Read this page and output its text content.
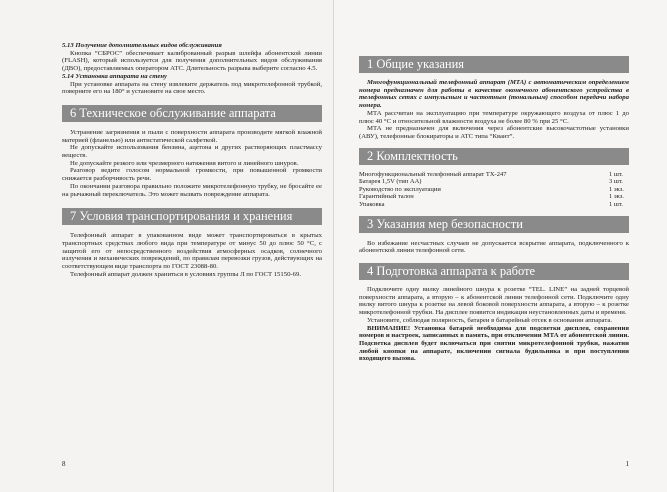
5.13 Получение дополнительных видов обслуживания

Кнопка “СБРОС” обеспечивает калиброванный разрыв шлейфа абонентской линии (FLASH), который используется для получения дополнительных видов обслуживания (ДВО), предоставляемых оператором АТС. Длительность разрыва выберите согласно 4.5.

5.14 Установка аппарата на стену

При установке аппарата на стену извлеките держатель под микротелефонной трубкой, поверните его на 180° и установите на свое место.

6 Техническое обслуживание аппарата

Устранение загрязнения и пыли с поверхности аппарата производите мягкой влажной материей (фланелью) или антистатической салфеткой.

Не допускайте использования бензина, ацетона и других растворяющих пластмассу веществ.

Не допускайте резкого или чрезмерного натяжения витого и линейного шнуров.

Разговор ведите голосом нормальной громкости, при повышенной громкости снижается разборчивость речи.

По окончании разговора правильно положите микротелефонную трубку, не бросайте ее на рычажный переключатель. Это может вызвать повреждение аппарата.

7 Условия транспортирования и хранения

Телефонный аппарат в упакованном виде может транспортироваться в крытых транспортных средствах любого вида при температуре от минус 50 до плюс 50 °С, с защитой его от непосредственного воздействия атмосферных осадков, солнечного излучения и механических повреждений, по правилам перевозки грузов, действующих на соответствующем виде транспорта по ГОСТ 23088-80.

Телефонный аппарат должен храниться в условиях группы Л по ГОСТ 15150-69.

8
1 Общие указания

Многофункциональный телефонный аппарат (МТА) с автоматическим определением номера предназначен для работы в качестве оконечного абонентского устройства в телефонных сетях с импульсным и частотным (тональным) способом передачи набора номера.

МТА рассчитан на эксплуатацию при температуре окружающего воздуха от плюс 1 до плюс 40 °С и относительной влажности воздуха не более 80 % при 25 °С.

МТА не предназначен для включения через абонентские высокочастотные установки (АВУ), телефонные блокираторы и АТС типа “Квант”.

2 Комплектность
Многофункциональный телефонный аппарат ТХ-247	1 шт.
Батарея 1,5V (тип АА)	3 шт.
Руководство по эксплуатации	1 экз.
Гарантийный талон	1 экз.
Упаковка	1 шт.
3 Указания мер безопасности

Во избежание несчастных случаев не допускается вскрытие аппарата, подключенного к абонентской линии телефонной сети.

4 Подготовка аппарата к работе

Подключите одну вилку линейного шнура к розетке “TEL. LINE” на задней торцевой поверхности аппарата, а вторую – к абонентской линии телефонной сети. Подключите одну вилку витого шнура к розетке на левой боковой поверхности аппарата, а вторую – к розетке микротелефонной трубки. На дисплее появится индикация неустановленных даты и времени.

Установите, соблюдая полярность, батареи в батарейный отсек в основании аппарата.

ВНИМАНИЕ! Установка батарей необходима для подсветки дисплея, сохранения номеров и настроек, записанных в память, при отключении МТА от абонентской линии. Подсветка дисплея будет включаться при снятии микротелефонной трубки, нажатии любой кнопки на аппарате, включении сигнала будильника и при поступлении входящего вызова.

1
